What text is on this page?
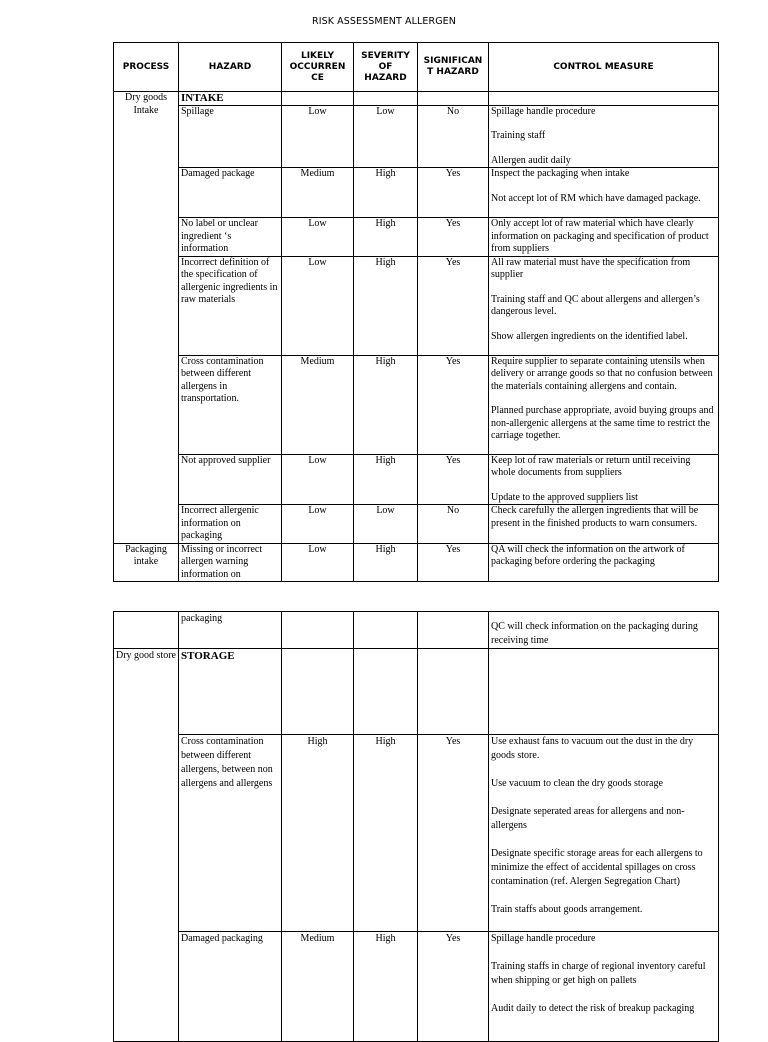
RISK ASSESSMENT ALLERGEN
PROCESS	HAZARD	LIKELY OCCURREN CE	SEVERITY OF HAZARD	SIGNIFICAN T HAZARD	CONTROL MEASURE
Dry goods Intake	INTAKE				
	Spillage	Low	Low	No	Spillage handle procedure

Training staff

Allergen audit daily

	Damaged package	Medium	High	Yes	Inspect the packaging when intake

Not accept lot of RM which have damaged package.

	No label or unclear ingredient ‘s information	Low	High	Yes	Only accept lot of raw material which have clearly information on packaging and specification of product from suppliers

	Incorrect definition of the specification of allergenic ingredients in raw materials	Low	High	Yes	All raw material must have the specification from supplier

Training staff and QC about allergens and allergen’s dangerous level.

Show allergen ingredients on the identified label.

	Cross contamination between different allergens in transportation.	Medium	High	Yes	Require supplier to separate containing utensils when delivery or arrange goods so that no confusion between the materials containing allergens and contain.

Planned purchase appropriate, avoid buying groups and non-allergenic allergens at the same time to restrict the carriage together.

	Not approved supplier	Low	High	Yes	Keep lot of raw materials or return until receiving whole documents from suppliers

Update to the approved suppliers list

	Incorrect allergenic information on packaging	Low	Low	No	Check carefully the allergen ingredients that will be present in the finished products to warn consumers.

Packaging intake	Missing or incorrect allergen warning information on	Low	High	Yes	QA will check the information on the artwork of packaging before ordering the packaging

	packaging				QC will check information on the packaging during receiving time
Dry good store	STORAGE				
	Cross contamination between different allergens, between non allergens and allergens	High	High	Yes	Use exhaust fans to vacuum out the dust in the dry goods store.

Use vacuum to clean the dry goods storage

Designate seperated areas for allergens and non-allergens

Designate specific storage areas for each allergens to minimize the effect of accidental spillages on cross contamination (ref. Alergen Segregation Chart)

Train staffs about goods arrangement.

	Damaged packaging	Medium	High	Yes	Spillage handle procedure

Training staffs in charge of regional inventory careful when shipping or get high on pallets

Audit daily to detect the risk of breakup packaging
